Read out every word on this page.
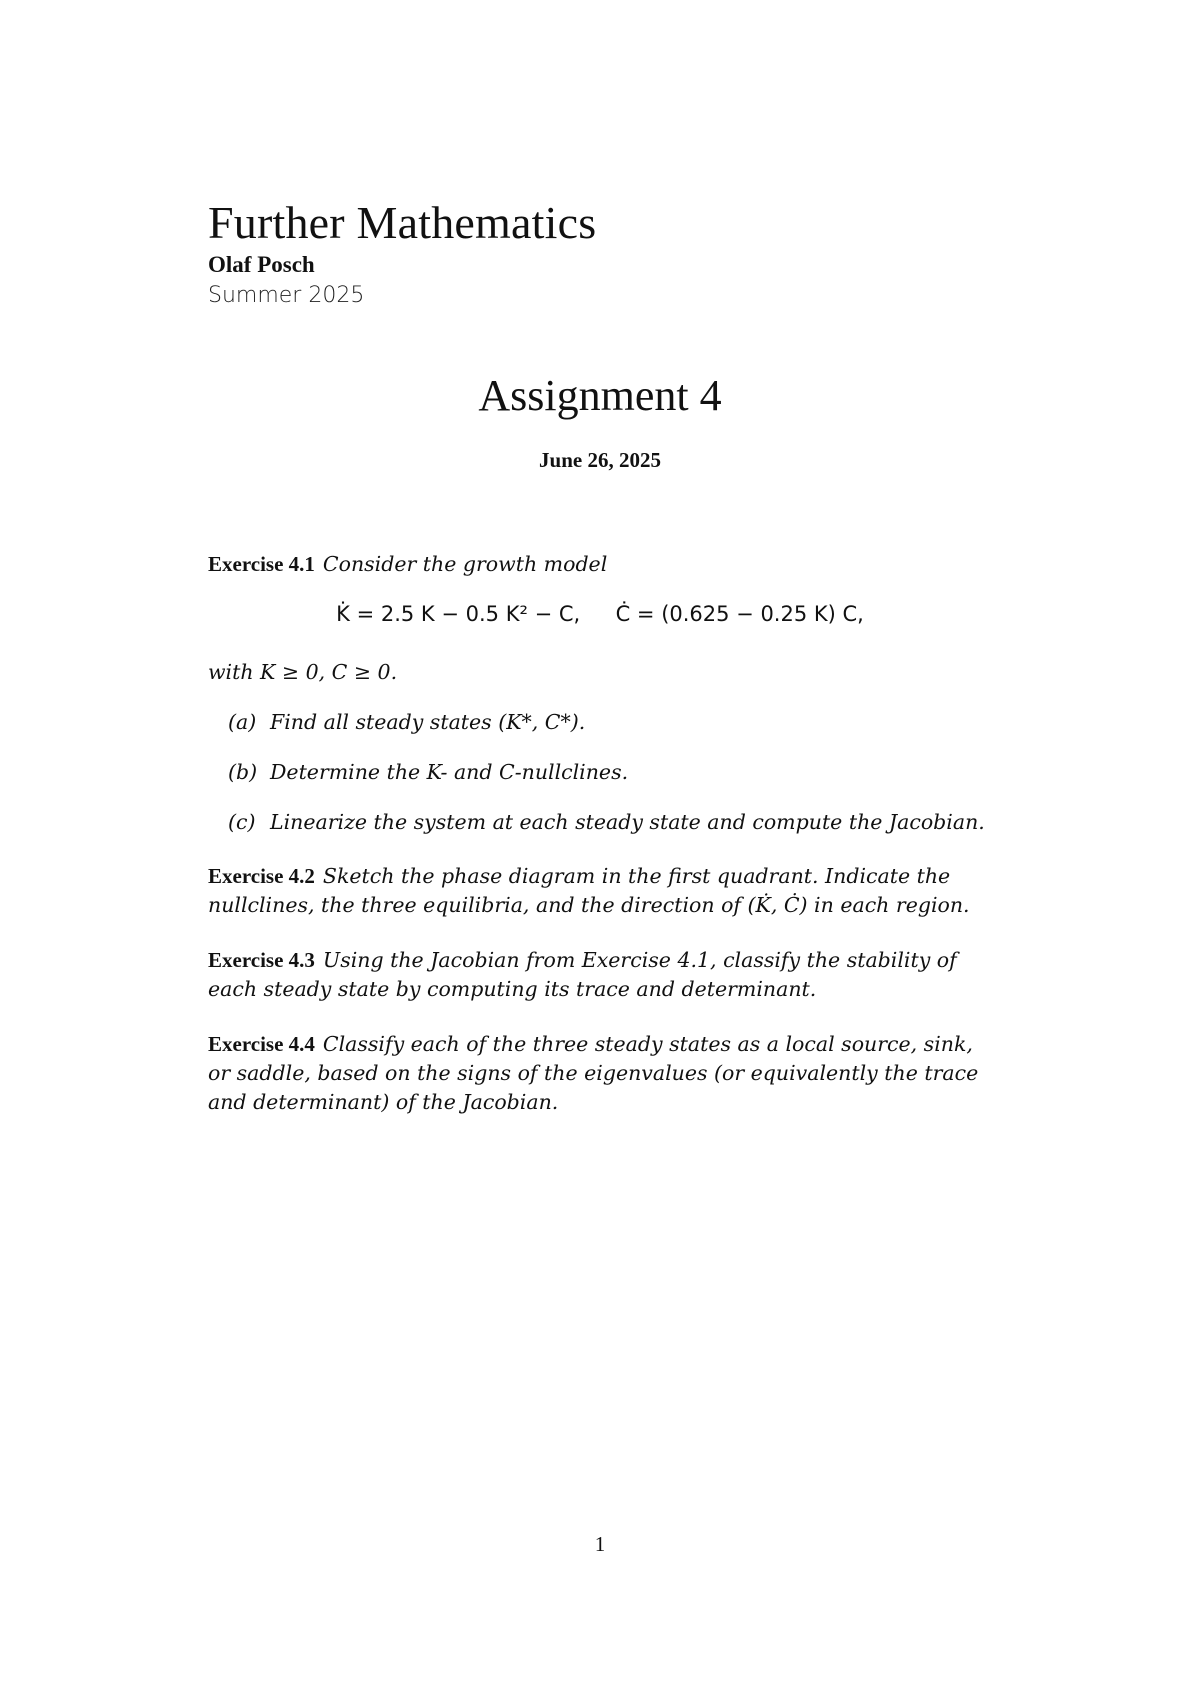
Further Mathematics
Olaf Posch
Summer 2025
Assignment 4
June 26, 2025
Exercise 4.1 Consider the growth model
K̇ = 2.5 K − 0.5 K² − C, Ċ = (0.625 − 0.25 K) C,
with K ≥ 0, C ≥ 0.
(a) Find all steady states (K*, C*).
(b) Determine the K- and C-nullclines.
(c) Linearize the system at each steady state and compute the Jacobian.
Exercise 4.2 Sketch the phase diagram in the first quadrant. Indicate the nullclines, the three equilibria, and the direction of (K̇, Ċ) in each region.
Exercise 4.3 Using the Jacobian from Exercise 4.1, classify the stability of each steady state by computing its trace and determinant.
Exercise 4.4 Classify each of the three steady states as a local source, sink, or saddle, based on the signs of the eigenvalues (or equivalently the trace and determinant) of the Jacobian.
1
